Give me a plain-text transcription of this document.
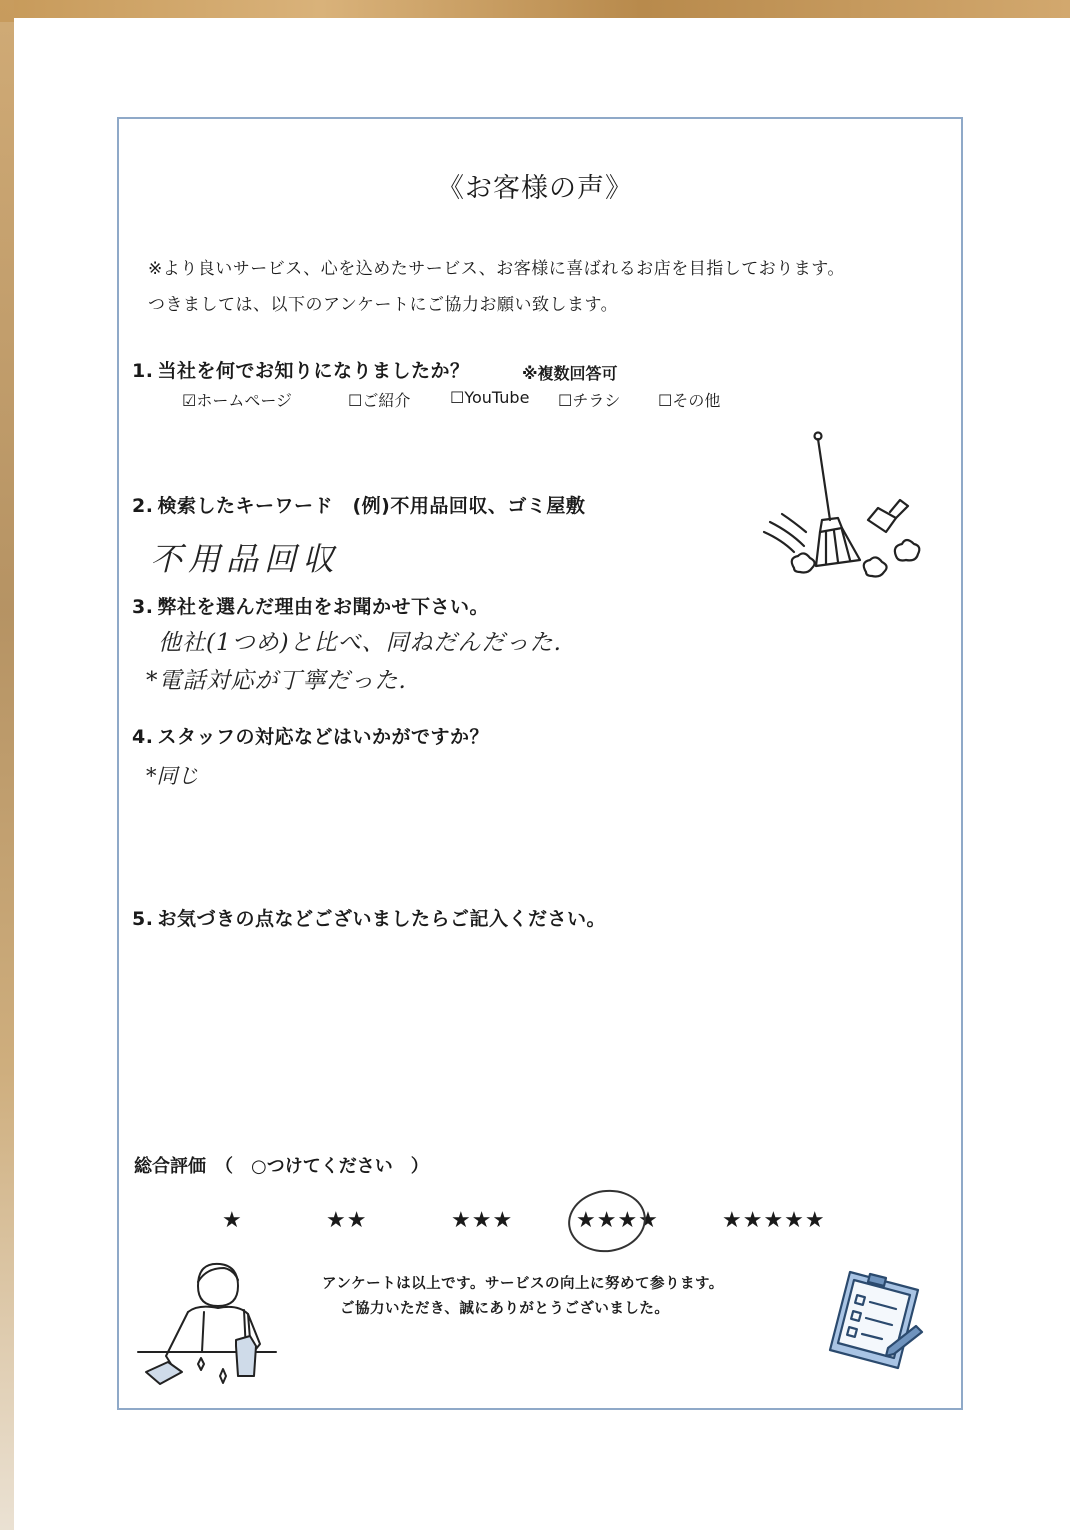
《お客様の声》
※より良いサービス、心を込めたサービス、お客様に喜ばれるお店を目指しております。
つきましては、以下のアンケートにご協力お願い致します。
1. 当社を何でお知りになりましたか？	※複数回答可
☑ホームページ	☐ご紹介 ☐YouTube ☐チラシ ☐その他
2. 検索したキーワード　(例)不用品回収、ゴミ屋敷
不用品回収
3. 弊社を選んだ理由をお聞かせ下さい。
他社(1つめ)と比べ、同ねだんだった.
*電話対応が丁寧だった.
4. スタッフの対応などはいかがですか？
*同じ
5. お気づきの点などございましたらご記入ください。
総合評価　（　○つけてください　）
★	★★	★★★	★★★★	★★★★★
アンケートは以上です。サービスの向上に努めて参ります。
ご協力いただき、誠にありがとうございました。
